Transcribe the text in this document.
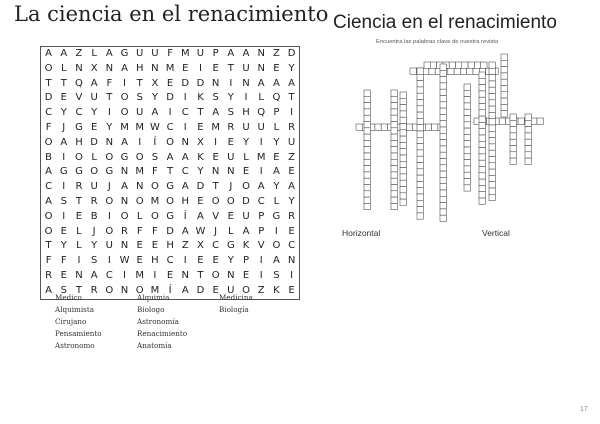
La ciencia en el renacimiento
A A Z L A G U U F M U P A A N Z D
O L N X N A H N M E	I	E T U N E Y
T T Q A F	I	T X E D D N I N A A A
D E V U T O S Y D I	K S Y	I	L Q T
C Y C Y	I O U A	I	C T A S H Q P	I
F	J G E Y M M W C	I	E M R U U L R
O A H D N A	I	Í O N X	I	E Y	I	Y U
B	I O L O G O S A A K E U L M E Z
A G G O G N M F T C Y N N E	I	A E
C	I	R U	J	A N O G A D T	J O A Y A
A S T R O N O M O H E O O D C L Y
O I	E B	I O L O G Í	A V E U P G R
O E L	J O R F F D A W J	L A P	I	E
T Y L Y U N E E H Z X C G K V O C
F F	I	S	I W E H C	I	E E Y P	I	A N
R E N A C	I M I	E N T O N E	I	S	I
A S T R O N O M Í	A D E U O Z K E
Medico	Alquimia	Medicina
Alquimista	Biologo	Biología
Cirujano	Astronomía
Pensamiento	Renacimiento
Astronomo	Anatomía
Ciencia en el renacimiento
Encuentra las palabras clave de nuestra revista
Horizontal	Vertical
17
